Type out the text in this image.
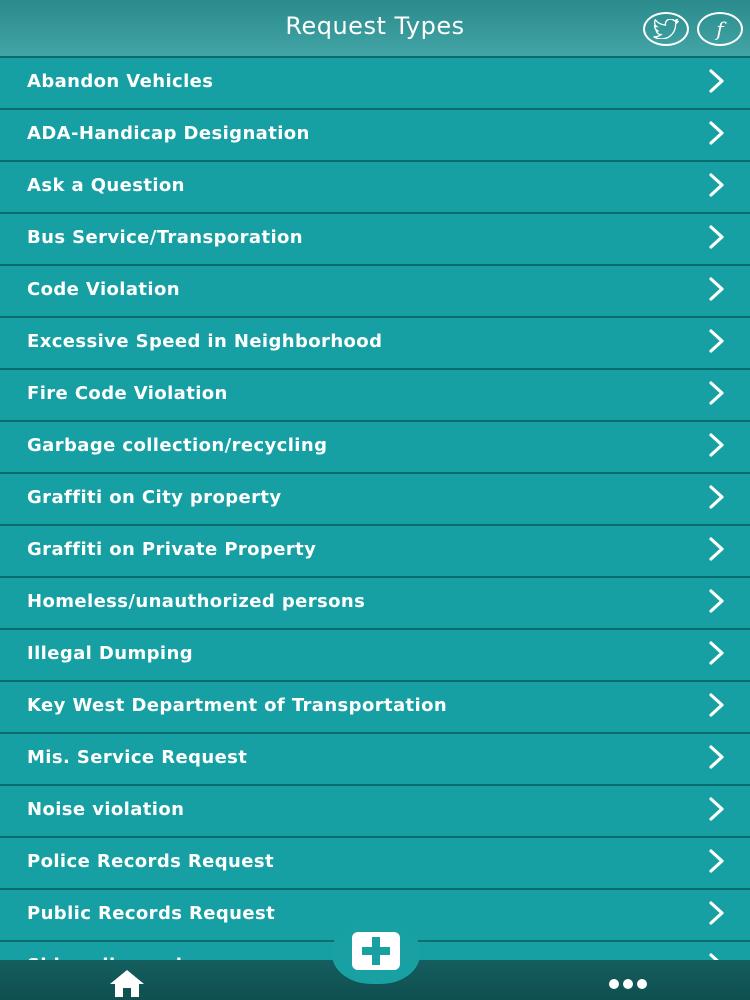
Request Types	f
Abandon Vehicles
ADA-Handicap Designation
Ask a Question
Bus Service/Transporation
Code Violation
Excessive Speed in Neighborhood
Fire Code Violation
Garbage collection/recycling
Graffiti on City property
Graffiti on Private Property
Homeless/unauthorized persons
Illegal Dumping
Key West Department of Transportation
Mis. Service Request
Noise violation
Police Records Request
Public Records Request
